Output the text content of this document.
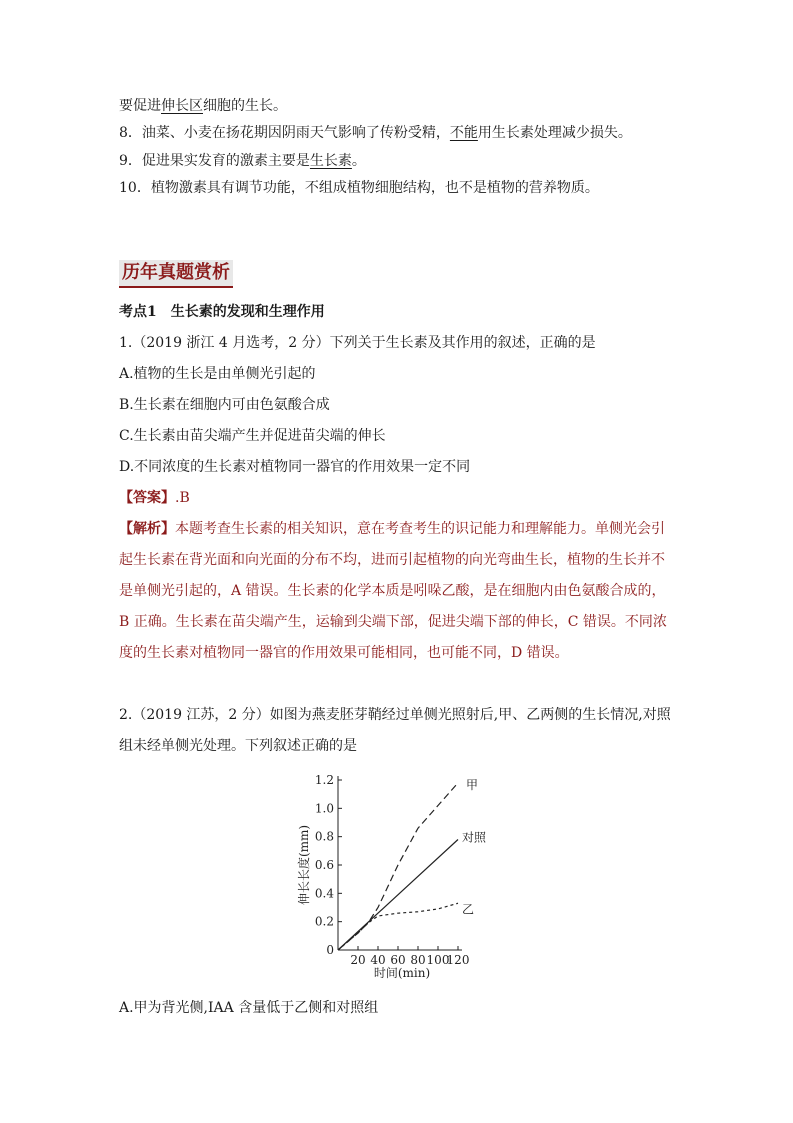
要促进伸长区细胞的生长。
8．油菜、小麦在扬花期因阴雨天气影响了传粉受精，不能用生长素处理减少损失。
9．促进果实发育的激素主要是生长素。
10．植物激素具有调节功能，不组成植物细胞结构，也不是植物的营养物质。
历年真题赏析
考点1　生长素的发现和生理作用
1.（2019 浙江 4 月选考，2 分）下列关于生长素及其作用的叙述，正确的是
A.植物的生长是由单侧光引起的
B.生长素在细胞内可由色氨酸合成
C.生长素由苗尖端产生并促进苗尖端的伸长
D.不同浓度的生长素对植物同一器官的作用效果一定不同
【答案】.B
【解析】本题考查生长素的相关知识，意在考查考生的识记能力和理解能力。单侧光会引起生长素在背光面和向光面的分布不均，进而引起植物的向光弯曲生长，植物的生长并不是单侧光引起的，A 错误。生长素的化学本质是吲哚乙酸，是在细胞内由色氨酸合成的，B 正确。生长素在苗尖端产生，运输到尖端下部，促进尖端下部的伸长，C 错误。不同浓度的生长素对植物同一器官的作用效果可能相同，也可能不同，D 错误。
2.（2019 江苏，2 分）如图为燕麦胚芽鞘经过单侧光照射后,甲、乙两侧的生长情况,对照组未经单侧光处理。下列叙述正确的是
0
0.2
0.4
0.6
0.8
1.0
1.2
20 40 60 80 100
120
时间(min)
伸长长度(mm)
甲
对照
乙
A.甲为背光侧,IAA 含量低于乙侧和对照组
